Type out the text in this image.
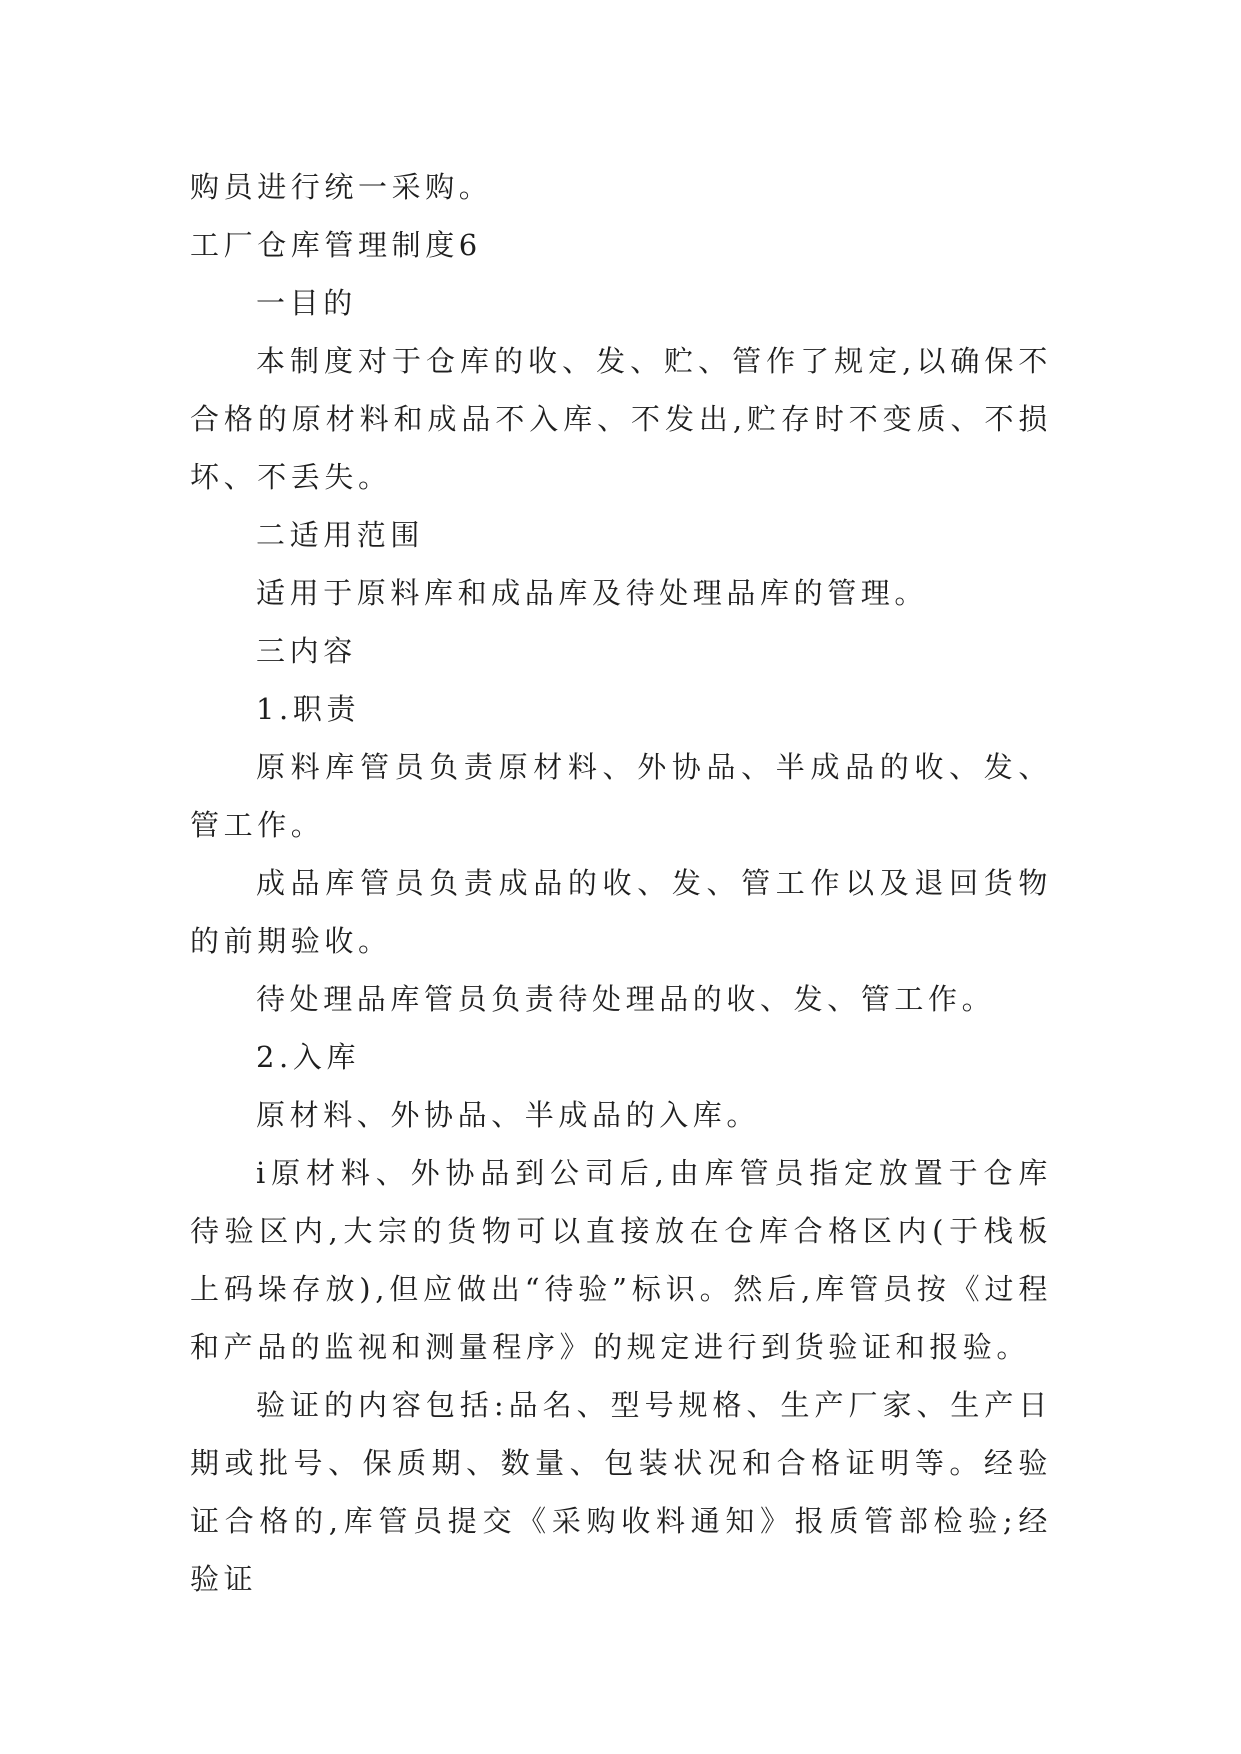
购员进行统一采购。

工厂仓库管理制度6

一目的

本制度对于仓库的收、发、贮、管作了规定,以确保不合格的原材料和成品不入库、不发出,贮存时不变质、不损坏、不丢失。

二适用范围

适用于原料库和成品库及待处理品库的管理。

三内容

1.职责

原料库管员负责原材料、外协品、半成品的收、发、管工作。

成品库管员负责成品的收、发、管工作以及退回货物的前期验收。

待处理品库管员负责待处理品的收、发、管工作。

2.入库

原材料、外协品、半成品的入库。

ⅰ原材料、外协品到公司后,由库管员指定放置于仓库待验区内,大宗的货物可以直接放在仓库合格区内(于栈板上码垛存放),但应做出“待验”标识。然后,库管员按《过程和产品的监视和测量程序》的规定进行到货验证和报验。

验证的内容包括:品名、型号规格、生产厂家、生产日期或批号、保质期、数量、包装状况和合格证明等。经验证合格的,库管员提交《采购收料通知》报质管部检验;经验证
